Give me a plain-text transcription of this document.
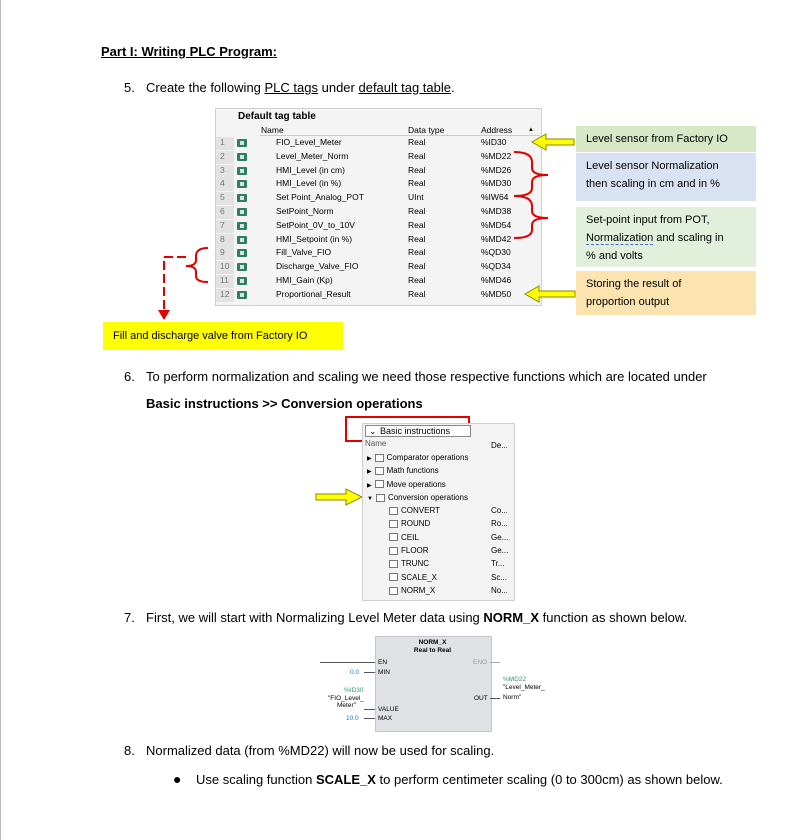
Part I: Writing PLC Program:
5. Create the following PLC tags under default tag table.
Default tag table
Name	Data type	Address
1	FIO_Level_Meter	Real	%ID30
2	Level_Meter_Norm	Real	%MD22
3	HMI_Level (in cm)	Real	%MD26
4	HMI_Level (in %)	Real	%MD30
5	Set Point_Analog_POT	UInt	%IW64
6	SetPoint_Norm	Real	%MD38
7	SetPoint_0V_to_10V	Real	%MD54
8	HMI_Setpoint (in %)	Real	%MD42
9	Fill_Valve_FIO	Real	%QD30
10	Discharge_Valve_FIO	Real	%QD34
11	HMI_Gain (Kp)	Real	%MD46
12	Proportional_Result	Real	%MD50
▲
Level sensor from Factory IO
Level sensor Normalization
then scaling in cm and in %
Set-point input from POT,
Normalization and scaling in
% and volts
Storing the result of
proportion output
Fill and discharge valve from Factory IO
6. To perform normalization and scaling we need those respective functions which are located under
Basic instructions >> Conversion operations
⌄ Basic instructions
Name	De...
▶ Comparator operations
▶ Math functions
▶ Move operations
▼ Conversion operations
CONVERT	Co...
ROUND	Ro...
CEIL	Ge...
FLOOR	Ge...
TRUNC	Tr...
SCALE_X	Sc...
NORM_X	No...
7. First, we will start with Normalizing Level Meter data using NORM_X function as shown below.
NORM_X
Real to Real
EN	ENO
0.0	MIN
%ID30
"FIO_Level_
Meter"
VALUE
10.0	MAX
OUT
%MD22
"Level_Meter_
Norm"
8. Normalized data (from %MD22) will now be used for scaling.
● Use scaling function SCALE_X to perform centimeter scaling (0 to 300cm) as shown below.
